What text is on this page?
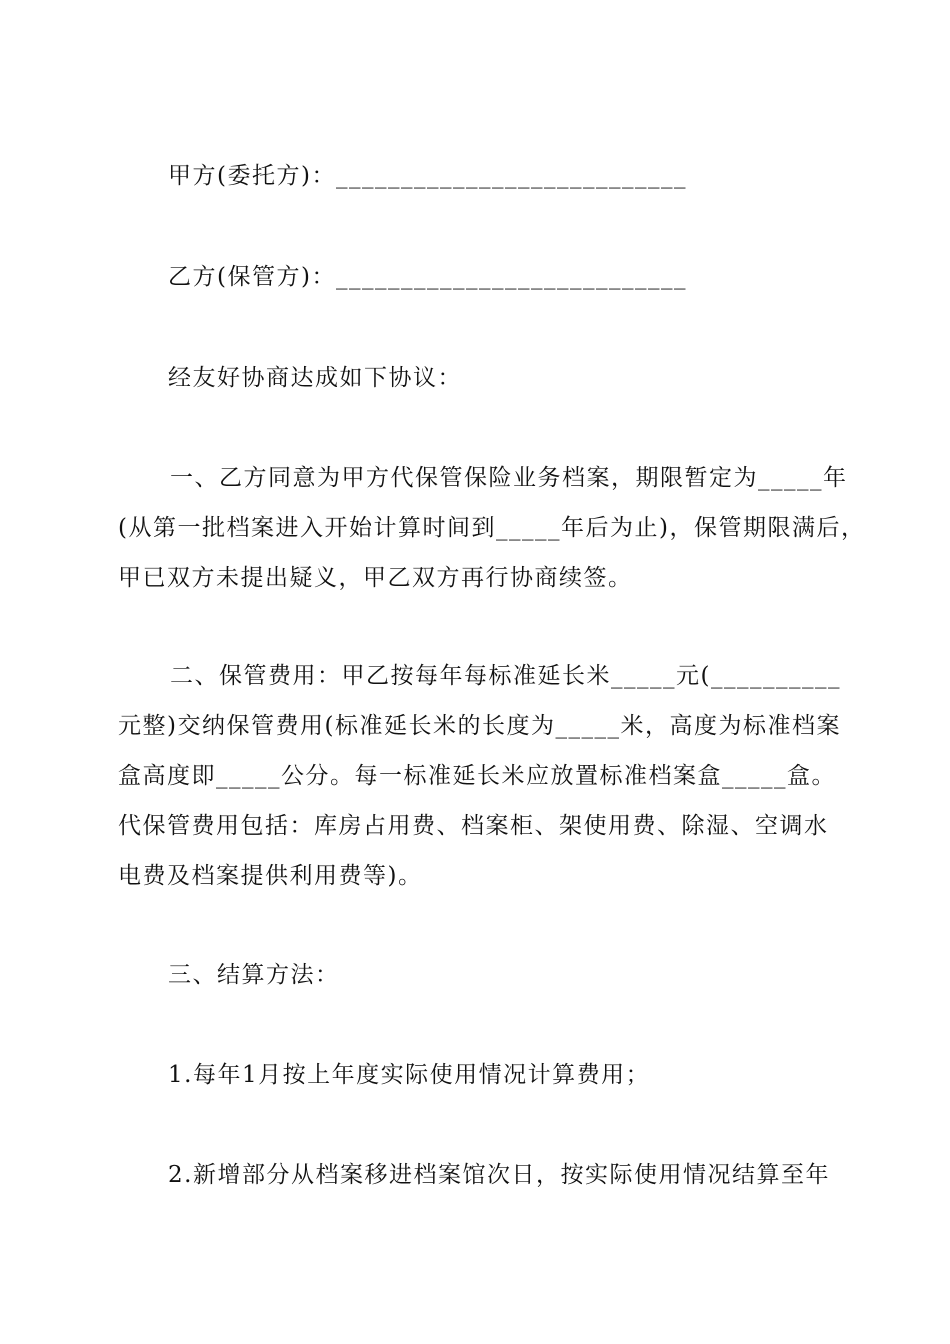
甲方(委托方)：___________________________
乙方(保管方)：___________________________
经友好协商达成如下协议：
一、乙方同意为甲方代保管保险业务档案，期限暂定为_____年
(从第一批档案进入开始计算时间到_____年后为止)，保管期限满后，
甲已双方未提出疑义，甲乙双方再行协商续签。
二、保管费用：甲乙按每年每标准延长米_____元(__________
元整)交纳保管费用(标准延长米的长度为_____米，高度为标准档案
盒高度即_____公分。每一标准延长米应放置标准档案盒_____盒。
代保管费用包括：库房占用费、档案柜、架使用费、除湿、空调水
电费及档案提供利用费等)。
三、结算方法：
1.每年1月按上年度实际使用情况计算费用；
2.新增部分从档案移进档案馆次日，按实际使用情况结算至年
